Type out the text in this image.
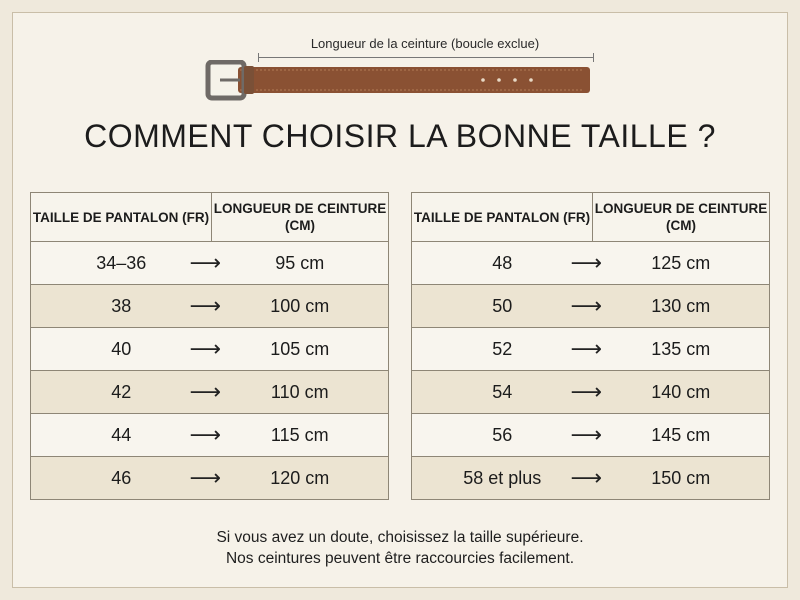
Longueur de la ceinture (boucle exclue)
COMMENT CHOISIR LA BONNE TAILLE ?
TAILLE DE PANTALON (FR)	LONGUEUR DE CEINTURE (CM)
34–36	⟶ 95 cm
38	⟶ 100 cm
40	⟶ 105 cm
42	⟶ 110 cm
44	⟶ 115 cm
46	⟶ 120 cm
TAILLE DE PANTALON (FR)	LONGUEUR DE CEINTURE (CM)
48	⟶ 125 cm
50	⟶ 130 cm
52	⟶ 135 cm
54	⟶ 140 cm
56	⟶ 145 cm
58 et plus	⟶ 150 cm
Si vous avez un doute, choisissez la taille supérieure.
Nos ceintures peuvent être raccourcies facilement.
